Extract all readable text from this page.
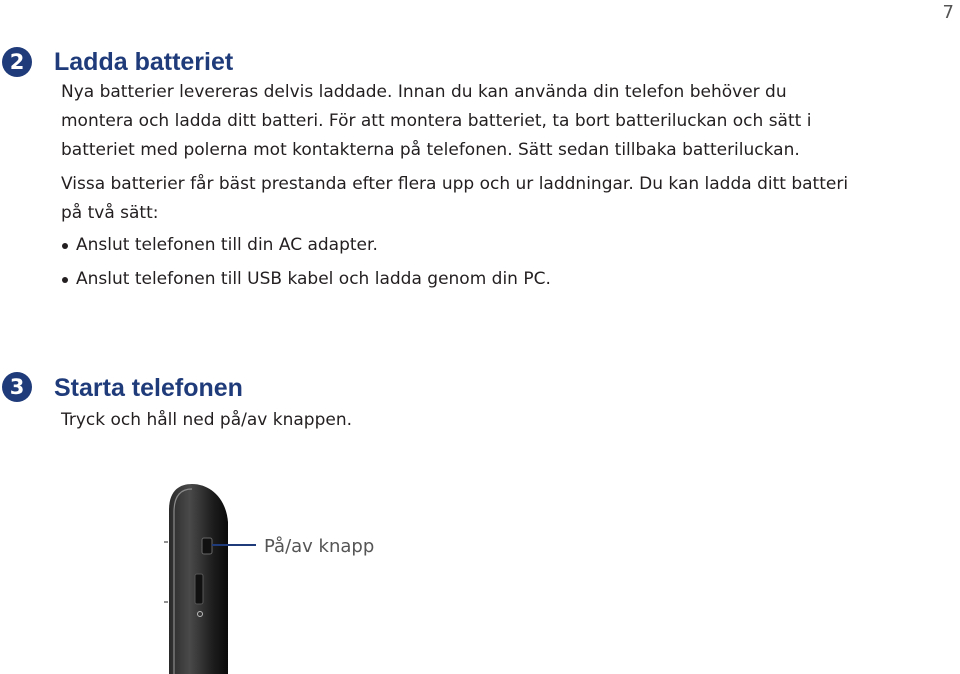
7
2	Ladda batteriet
Nya batterier levereras delvis laddade. Innan du kan använda din telefon behöver du
montera och ladda ditt batteri. För att montera batteriet, ta bort batteriluckan och sätt i
batteriet med polerna mot kontakterna på telefonen. Sätt sedan tillbaka batteriluckan.
Vissa batterier får bäst prestanda efter flera upp och ur laddningar. Du kan ladda ditt batteri
på två sätt:
Anslut telefonen till din AC adapter.
Anslut telefonen till USB kabel och ladda genom din PC.
3	Starta telefonen
Tryck och håll ned på/av knappen.
På/av knapp
